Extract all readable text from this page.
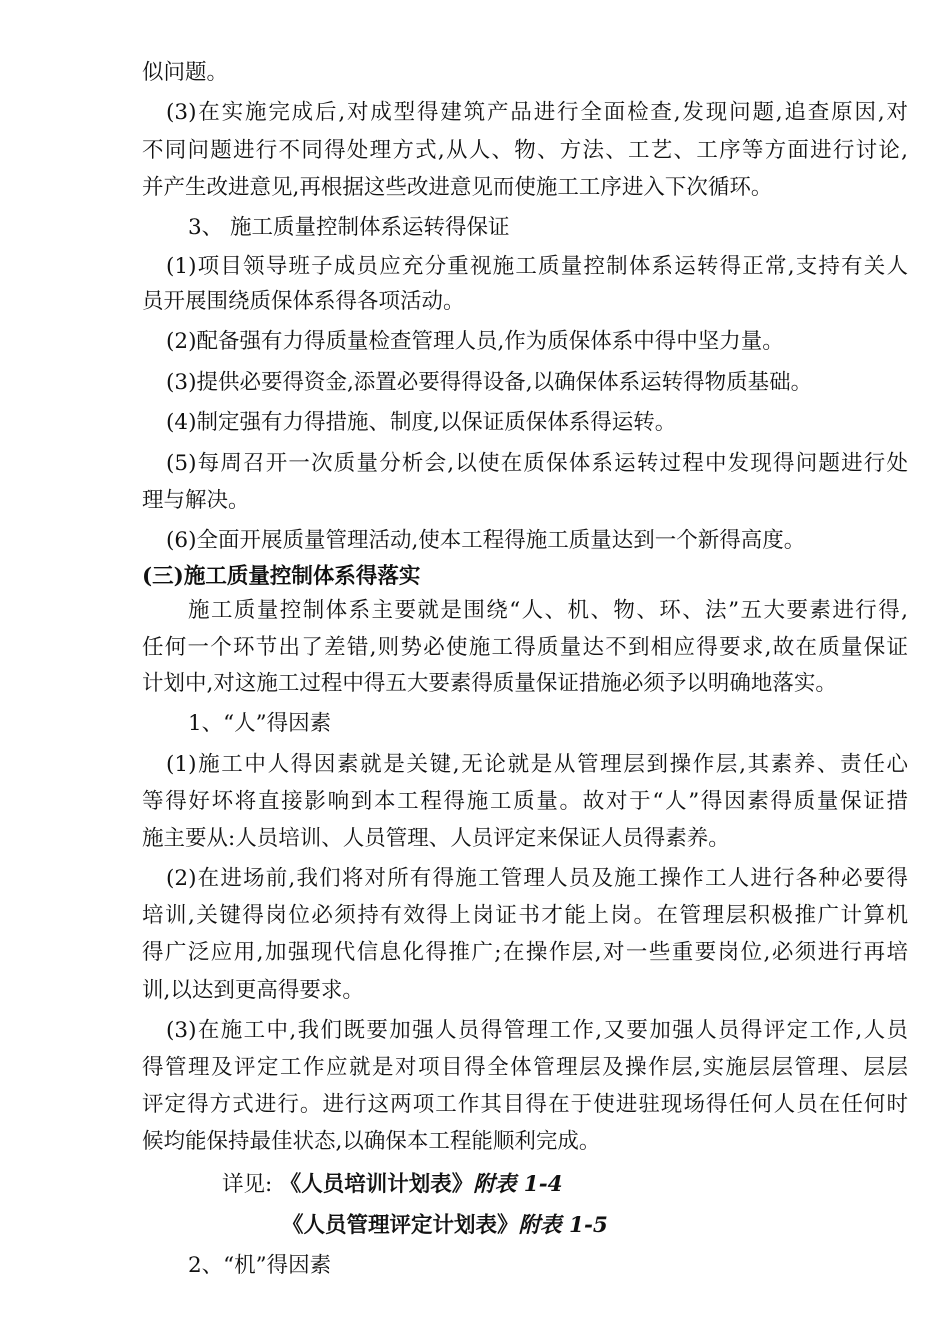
似问题。
(3)在实施完成后,对成型得建筑产品进行全面检查,发现问题,追查原因,对
不同问题进行不同得处理方式,从人、物、方法、工艺、工序等方面进行讨论,
并产生改进意见,再根据这些改进意见而使施工工序进入下次循环。
3、 施工质量控制体系运转得保证
(1)项目领导班子成员应充分重视施工质量控制体系运转得正常,支持有关人
员开展围绕质保体系得各项活动。
(2)配备强有力得质量检查管理人员,作为质保体系中得中坚力量。
(3)提供必要得资金,添置必要得得设备,以确保体系运转得物质基础。
(4)制定强有力得措施、制度,以保证质保体系得运转。
(5)每周召开一次质量分析会,以使在质保体系运转过程中发现得问题进行处
理与解决。
(6)全面开展质量管理活动,使本工程得施工质量达到一个新得高度。
(三)施工质量控制体系得落实
施工质量控制体系主要就是围绕“人、机、物、环、法”五大要素进行得,
任何一个环节出了差错,则势必使施工得质量达不到相应得要求,故在质量保证
计划中,对这施工过程中得五大要素得质量保证措施必须予以明确地落实。
1、“人”得因素
(1)施工中人得因素就是关键,无论就是从管理层到操作层,其素养、责任心
等得好坏将直接影响到本工程得施工质量。故对于“人”得因素得质量保证措
施主要从:人员培训、人员管理、人员评定来保证人员得素养。
(2)在进场前,我们将对所有得施工管理人员及施工操作工人进行各种必要得
培训,关键得岗位必须持有效得上岗证书才能上岗。在管理层积极推广计算机
得广泛应用,加强现代信息化得推广;在操作层,对一些重要岗位,必须进行再培
训,以达到更高得要求。
(3)在施工中,我们既要加强人员得管理工作,又要加强人员得评定工作,人员
得管理及评定工作应就是对项目得全体管理层及操作层,实施层层管理、层层
评定得方式进行。进行这两项工作其目得在于使进驻现场得任何人员在任何时
候均能保持最佳状态,以确保本工程能顺利完成。
详见: 《人员培训计划表》附表 1-4
《人员管理评定计划表》附表 1-5
2、“机”得因素
